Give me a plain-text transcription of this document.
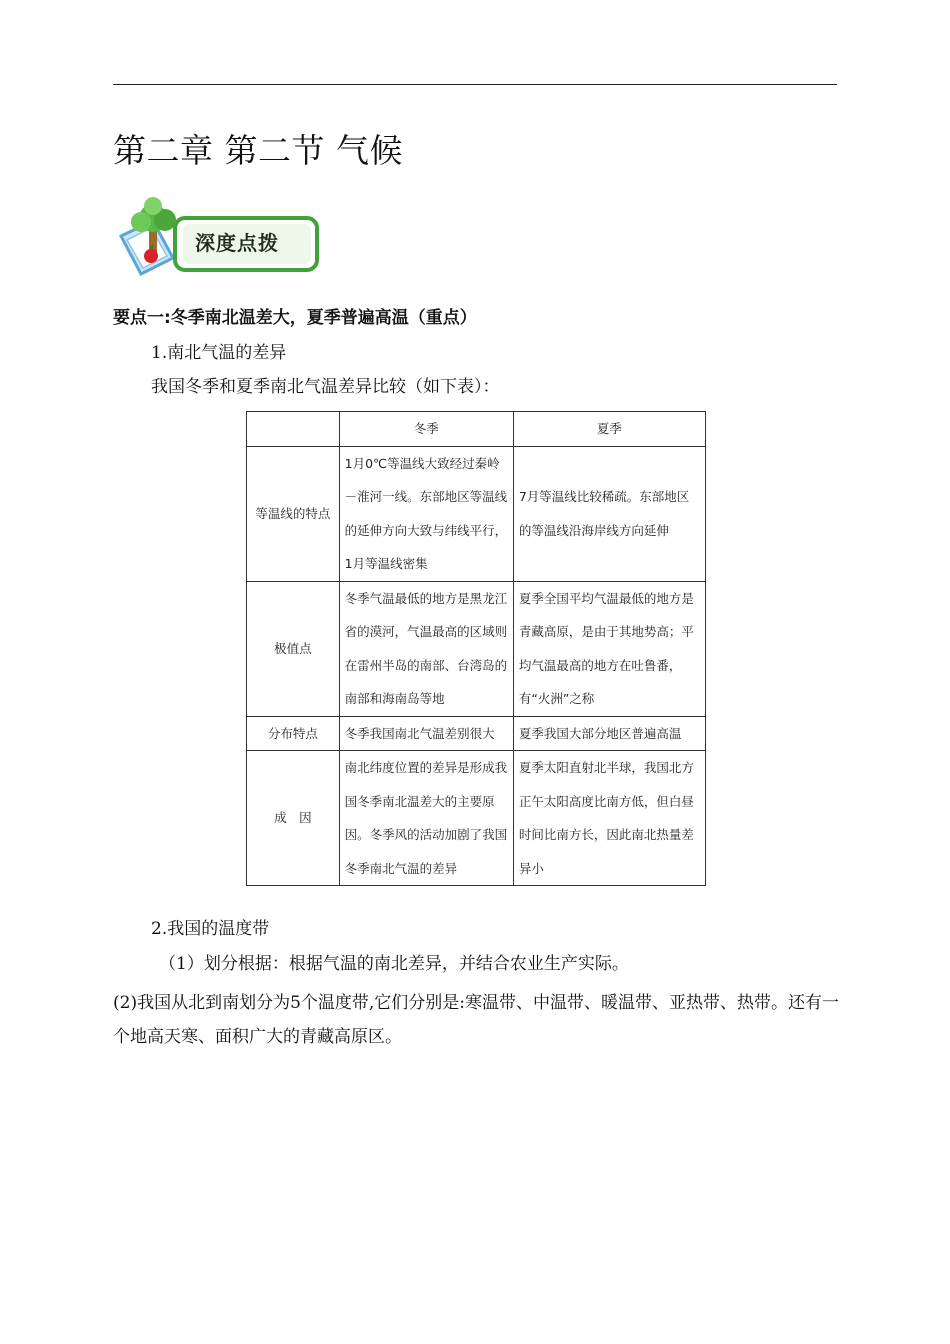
第二章 第二节 气候
深度点拨

要点一:冬季南北温差大，夏季普遍高温（重点）

1.南北气温的差异

我国冬季和夏季南北气温差异比较（如下表）：

	冬季	夏季
等温线的特点	1月0℃等温线大致经过秦岭－淮河一线。东部地区等温线的延伸方向大致与纬线平行，1月等温线密集	7月等温线比较稀疏。东部地区的等温线沿海岸线方向延伸
极值点	冬季气温最低的地方是黑龙江省的漠河，气温最高的区域则在雷州半岛的南部、台湾岛的南部和海南岛等地	夏季全国平均气温最低的地方是青藏高原，是由于其地势高；平均气温最高的地方在吐鲁番，有“火洲”之称
分布特点	冬季我国南北气温差别很大	夏季我国大部分地区普遍高温
成　因	南北纬度位置的差异是形成我国冬季南北温差大的主要原因。冬季风的活动加剧了我国冬季南北气温的差异	夏季太阳直射北半球，我国北方正午太阳高度比南方低，但白昼时间比南方长，因此南北热量差异小

2.我国的温度带

（1）划分根据：根据气温的南北差异，并结合农业生产实际。

(2)我国从北到南划分为5个温度带,它们分别是:寒温带、中温带、暖温带、亚热带、热带。还有一个地高天寒、面积广大的青藏高原区。
